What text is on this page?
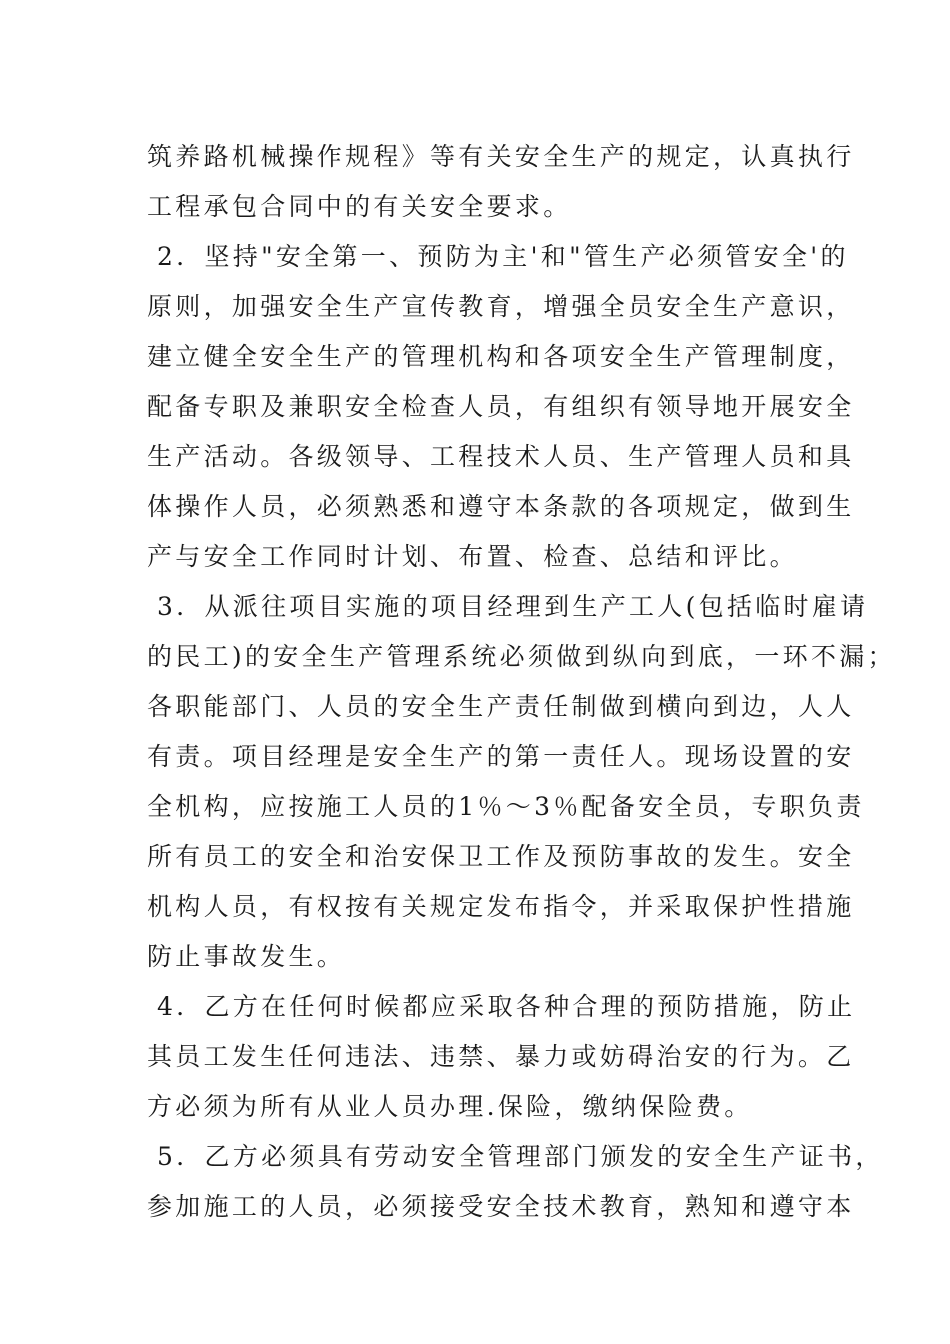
筑养路机械操作规程》等有关安全生产的规定，认真执行
工程承包合同中的有关安全要求。
2．坚持"安全第一、预防为主'和"管生产必须管安全'的
原则，加强安全生产宣传教育，增强全员安全生产意识，
建立健全安全生产的管理机构和各项安全生产管理制度，
配备专职及兼职安全检查人员，有组织有领导地开展安全
生产活动。各级领导、工程技术人员、生产管理人员和具
体操作人员，必须熟悉和遵守本条款的各项规定，做到生
产与安全工作同时计划、布置、检查、总结和评比。
3．从派往项目实施的项目经理到生产工人(包括临时雇请
的民工)的安全生产管理系统必须做到纵向到底，一环不漏；
各职能部门、人员的安全生产责任制做到横向到边，人人
有责。项目经理是安全生产的第一责任人。现场设置的安
全机构，应按施工人员的1％～3％配备安全员，专职负责
所有员工的安全和治安保卫工作及预防事故的发生。安全
机构人员，有权按有关规定发布指令，并采取保护性措施
防止事故发生。
4．乙方在任何时候都应采取各种合理的预防措施，防止
其员工发生任何违法、违禁、暴力或妨碍治安的行为。乙
方必须为所有从业人员办理.保险，缴纳保险费。
5．乙方必须具有劳动安全管理部门颁发的安全生产证书，
参加施工的人员，必须接受安全技术教育，熟知和遵守本
